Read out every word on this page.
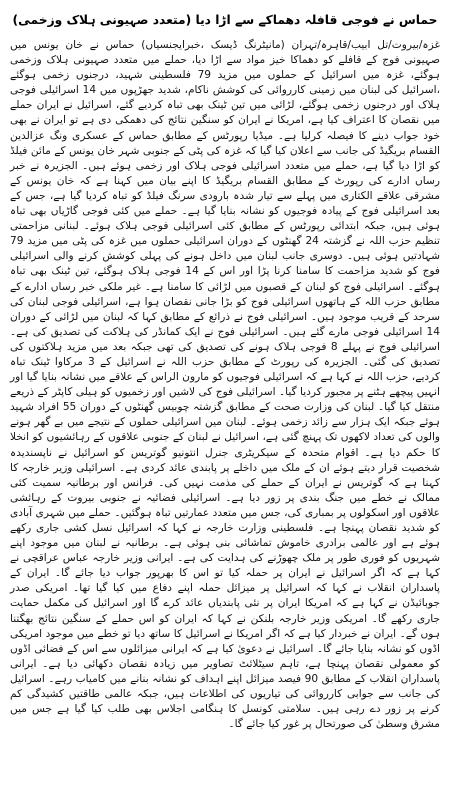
حماس نے فوجی قافلہ دھماکے سے اڑا دیا (متعدد صہیونی ہلاک وزخمی)

غزہ/بیروت/تل ابیب/قاہرہ/تہران (مانیٹرنگ ڈیسک ،خبرایجنسیاں) حماس نے خان یونس میں صہیونی فوج کے قافلے کو دھماکا خیز مواد سے اڑا دیا، حملے میں متعدد صہیونی ہلاک وزخمی ہوگئے، غزہ میں اسرائیل کے حملوں میں مزید 79 فلسطینی شہید، درجنوں زخمی ہوگئے ،اسرائیل کی لبنان میں زمینی کارروائی کی کوشش ناکام، شدید جھڑپوں میں 14 اسرائیلی فوجی ہلاک اور درجنوں زخمی ہوگئے، لڑائی میں تین ٹینک بھی تباہ کردیے گئے، اسرائیل نے ایران حملے میں نقصان کا اعتراف کیا ہے، امریکا نے ایران کو سنگین نتائج کی دھمکی دی ہے تو ایران نے بھی خود جواب دینے کا فیصلہ کرلیا ہے۔ میڈیا رپورٹس کے مطابق حماس کے عسکری ونگ عزالدین القسام بریگیڈ کی جانب سے اعلان کیا گیا کہ غزہ کی پٹی کے جنوبی شہر خان یونس کے مائن فیلڈ کو اڑا دیا گیا ہے، حملے میں متعدد اسرائیلی فوجی ہلاک اور زخمی ہوئے ہیں۔ الجزیرہ نے خبر رساں ادارے کی رپورٹ کے مطابق القسام بریگیڈ کا اپنے بیان میں کہنا ہے کہ خان یونس کے مشرقی علاقے الکتاری میں پہلے سے تیار شدہ بارودی سرنگ فیلڈ کو تباہ کردیا گیا ہے، جس کے بعد اسرائیلی فوج کے پیادہ فوجیوں کو نشانہ بنایا گیا ہے۔ حملے میں کئی فوجی گاڑیاں بھی تباہ ہوئی ہیں، جبکہ ابتدائی رپورٹس کے مطابق کئی اسرائیلی فوجی ہلاک ہوئے۔ لبنانی مزاحمتی تنظیم حزب اللہ نے گزشتہ 24 گھنٹوں کے دوران اسرائیلی حملوں میں غزہ کی پٹی میں مزید 79 شہادتیں ہوئی ہیں۔ دوسری جانب لبنان میں داخل ہونے کی پہلی کوشش کرنے والی اسرائیلی فوج کو شدید مزاحمت کا سامنا کرنا پڑا اور اس کے 14 فوجی ہلاک ہوگئے، تین ٹینک بھی تباہ ہوگئے۔ اسرائیلی فوج کو لبنان کے قصبوں میں لڑائی کا سامنا ہے۔ غیر ملکی خبر رساں ادارے کے مطابق حزب اللہ کے ہاتھوں اسرائیلی فوج کو بڑا جانی نقصان ہوا ہے، اسرائیلی فوجی لبنان کی سرحد کے قریب موجود ہیں۔ اسرائیلی فوج نے ذرائع کے مطابق کہا کہ لبنان میں لڑائی کے دوران 14 اسرائیلی فوجی مارے گئے ہیں۔ اسرائیلی فوج نے ایک کمانڈر کی ہلاکت کی تصدیق کی ہے۔ اسرائیلی فوج نے پہلے 8 فوجی ہلاک ہونے کی تصدیق کی تھی جبکہ بعد میں مزید ہلاکتوں کی تصدیق کی گئی۔ الجزیرہ کی رپورٹ کے مطابق حزب اللہ نے اسرائیل کے 3 مرکاوا ٹینک تباہ کردیے، حزب اللہ نے کہا ہے کہ اسرائیلی فوجیوں کو مارون الراس کے علاقے میں نشانہ بنایا گیا اور انہیں پیچھے ہٹنے پر مجبور کردیا گیا۔ اسرائیلی فوج کی لاشیں اور زخمیوں کو ہیلی کاپٹر کے ذریعے منتقل کیا گیا۔ لبنان کی وزارت صحت کے مطابق گزشتہ چوبیس گھنٹوں کے دوران 55 افراد شہید ہوئے جبکہ ایک ہزار سے زائد زخمی ہوئے۔ لبنان میں اسرائیلی حملوں کے نتیجے میں بے گھر ہونے والوں کی تعداد لاکھوں تک پہنچ گئی ہے، اسرائیل نے لبنان کے جنوبی علاقوں کے رہائشیوں کو انخلا کا حکم دیا ہے۔ اقوام متحدہ کے سیکریٹری جنرل انتونیو گوتریس کو اسرائیل نے ناپسندیدہ شخصیت قرار دیتے ہوئے ان کے ملک میں داخلے پر پابندی عائد کردی ہے۔ اسرائیلی وزیر خارجہ کا کہنا ہے کہ گوتریس نے ایران کے حملے کی مذمت نہیں کی۔ فرانس اور برطانیہ سمیت کئی ممالک نے خطے میں جنگ بندی پر زور دیا ہے۔ اسرائیلی فضائیہ نے جنوبی بیروت کے رہائشی علاقوں اور اسکولوں پر بمباری کی، جس میں متعدد عمارتیں تباہ ہوگئیں۔ حملے میں شہری آبادی کو شدید نقصان پہنچا ہے۔ فلسطینی وزارت خارجہ نے کہا کہ اسرائیل نسل کشی جاری رکھے ہوئے ہے اور عالمی برادری خاموش تماشائی بنی ہوئی ہے۔ برطانیہ نے لبنان میں موجود اپنے شہریوں کو فوری طور پر ملک چھوڑنے کی ہدایت کی ہے۔ ایرانی وزیر خارجہ عباس عراقچی نے کہا ہے کہ اگر اسرائیل نے ایران پر حملہ کیا تو اس کا بھرپور جواب دیا جائے گا۔ ایران کے پاسداران انقلاب نے کہا کہ اسرائیل پر میزائل حملہ اپنے دفاع میں کیا گیا تھا۔ امریکی صدر جوبائیڈن نے کہا ہے کہ امریکا ایران پر نئی پابندیاں عائد کرے گا اور اسرائیل کی مکمل حمایت جاری رکھے گا۔ امریکی وزیر خارجہ بلنکن نے کہا کہ ایران کو اس حملے کے سنگین نتائج بھگتنا ہوں گے۔ ایران نے خبردار کیا ہے کہ اگر امریکا نے اسرائیل کا ساتھ دیا تو خطے میں موجود امریکی اڈوں کو نشانہ بنایا جائے گا۔ اسرائیل نے دعویٰ کیا ہے کہ ایرانی میزائلوں سے اس کے فضائی اڈوں کو معمولی نقصان پہنچا ہے، تاہم سیٹلائٹ تصاویر میں زیادہ نقصان دکھائی دیا ہے۔ ایرانی پاسداران انقلاب کے مطابق 90 فیصد میزائل اپنے اہداف کو نشانہ بنانے میں کامیاب رہے۔ اسرائیل کی جانب سے جوابی کارروائی کی تیاریوں کی اطلاعات ہیں، جبکہ عالمی طاقتیں کشیدگی کم کرنے پر زور دے رہی ہیں۔ سلامتی کونسل کا ہنگامی اجلاس بھی طلب کیا گیا ہے جس میں مشرق وسطیٰ کی صورتحال پر غور کیا جائے گا۔
